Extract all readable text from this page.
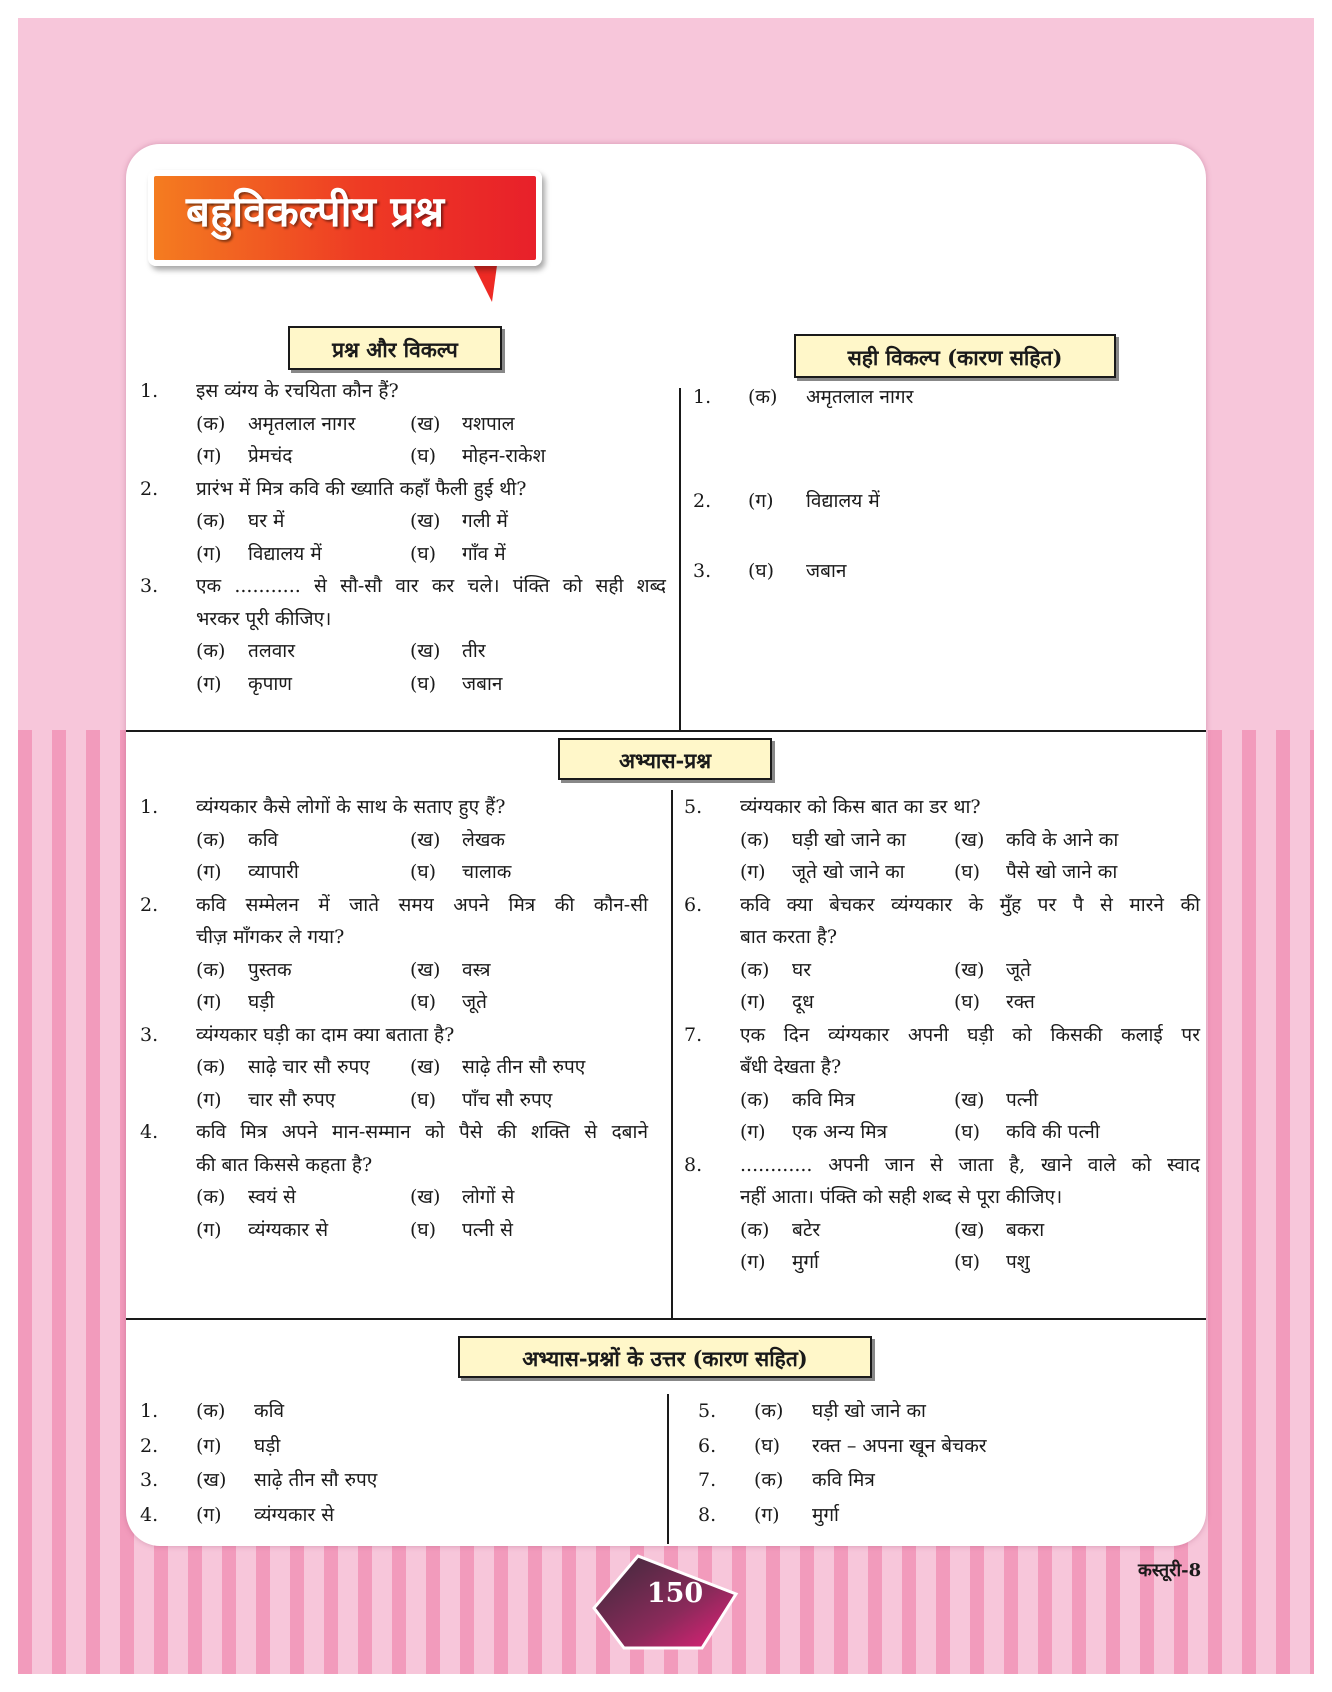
बहुविकल्पीय प्रश्न
प्रश्न और विकल्प	सही विकल्प (कारण सहित)
1. इस व्यंग्य के रचयिता कौन हैं?
(क) अमृतलाल नागर	(ख) यशपाल
(ग) प्रेमचंद	(घ) मोहन-राकेश
2. प्रारंभ में मित्र कवि की ख्याति कहाँ फैली हुई थी?
(क) घर में	(ख) गली में
(ग) विद्यालय में	(घ) गाँव में
3. एक ........... से सौ-सौ वार कर चले। पंक्ति को सही शब्द
भरकर पूरी कीजिए।
(क) तलवार	(ख) तीर
(ग) कृपाण	(घ) जबान
1. (क) अमृतलाल नागर
2. (ग) विद्यालय में
3. (घ) जबान
अभ्यास-प्रश्न
1. व्यंग्यकार कैसे लोगों के साथ के सताए हुए हैं?
(क) कवि	(ख) लेखक
(ग) व्यापारी	(घ) चालाक
2. कवि सम्मेलन में जाते समय अपने मित्र की कौन-सी
चीज़ माँगकर ले गया?
(क) पुस्तक	(ख) वस्त्र
(ग) घड़ी	(घ) जूते
3. व्यंग्यकार घड़ी का दाम क्या बताता है?
(क) साढ़े चार सौ रुपए (ख) साढ़े तीन सौ रुपए
(ग) चार सौ रुपए	(घ) पाँच सौ रुपए
4. कवि मित्र अपने मान-सम्मान को पैसे की शक्ति से दबाने
की बात किससे कहता है?
(क) स्वयं से	(ख) लोगों से
(ग) व्यंग्यकार से	(घ) पत्नी से
5. व्यंग्यकार को किस बात का डर था?
(क) घड़ी खो जाने का	(ख) कवि के आने का
(ग) जूते खो जाने का	(घ) पैसे खो जाने का
6. कवि क्या बेचकर व्यंग्यकार के मुँह पर पै से मारने की
बात करता है?
(क) घर	(ख) जूते
(ग) दूध	(घ) रक्त
7. एक दिन व्यंग्यकार अपनी घड़ी को किसकी कलाई पर
बँधी देखता है?
(क) कवि मित्र	(ख) पत्नी
(ग) एक अन्य मित्र	(घ) कवि की पत्नी
8. ............ अपनी जान से जाता है, खाने वाले को स्वाद
नहीं आता। पंक्ति को सही शब्द से पूरा कीजिए।
(क) बटेर	(ख) बकरा
(ग) मुर्गा	(घ) पशु
अभ्यास-प्रश्नों के उत्तर (कारण सहित)
1. (क) कवि
2. (ग) घड़ी
3. (ख) साढ़े तीन सौ रुपए
4. (ग) व्यंग्यकार से
5. (क) घड़ी खो जाने का
6. (घ) रक्त – अपना खून बेचकर
7. (क) कवि मित्र
8. (ग) मुर्गा
150
कस्तूरी-8
